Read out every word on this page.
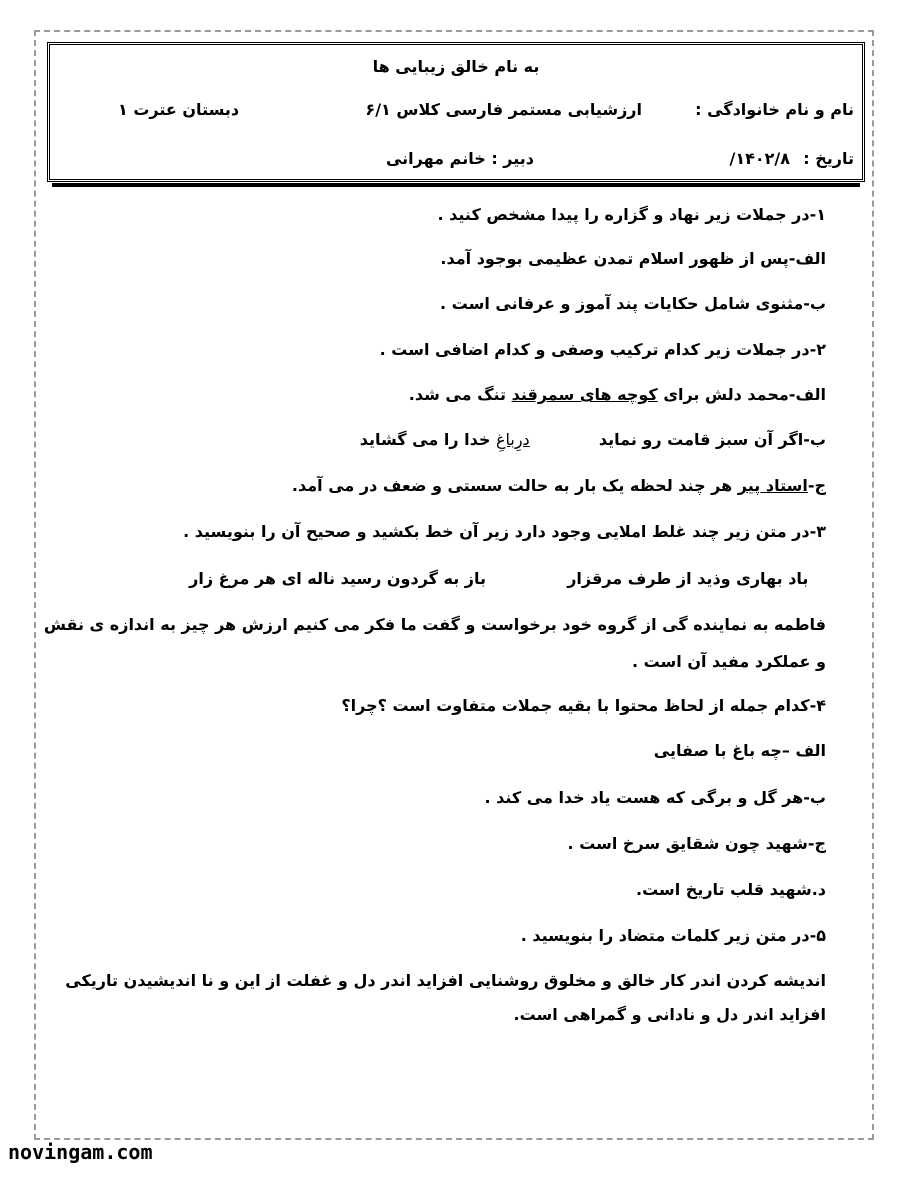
به نام خالق زیبایی ها
نام و نام خانوادگی :
ارزشیابی مستمر فارسی کلاس ۶/۱
دبستان عترت ۱
تاریخ :
/۱۴۰۲/۸
دبیر : خانم مهرانی
۱-در جملات زیر نهاد و گزاره را پیدا مشخص کنید .
الف-پس از ظهور اسلام تمدن عظیمی بوجود آمد.
ب-مثنوی شامل حکایات پند آموز و عرفانی است .
۲-در جملات زیر کدام ترکیب وصفی و کدام اضافی است .
الف-محمد دلش برای کوچه های سمرقند تنگ می شد.
ب-اگر آن سبز قامت رو نماید  درِباغِ خدا را می گشاید
ج-استاد پیر هر چند لحظه یک بار به حالت سستی و ضعف در می آمد.
۳-در متن زیر چند غلط املایی وجود دارد زیر آن خط بکشید و صحیح آن را بنویسید .
باد بهاری وذید از طرف مرقزار  باز به گردون رسید ناله ای هر مرغ زار
فاطمه به نماینده گی از گروه خود برخواست و گفت ما فکر می کنیم ارزش هر چیز به اندازه ی نقش
و عملکرد مفید آن است .
۴-کدام جمله از لحاظ محتوا با بقیه جملات متفاوت است ؟چرا؟
الف –چه باغ با صفایی
ب-هر گل و برگی که هست یاد خدا می کند .
ج-شهید چون شقایق سرخ است .
د.شهید قلب تاریخ است.
۵-در متن زیر کلمات متضاد را بنویسید .
اندیشه کردن اندر کار خالق و مخلوق روشنایی افزاید اندر دل و غفلت از این و نا اندیشیدن تاریکی
افزاید اندر دل و نادانی و گمراهی است.
novingam.com
